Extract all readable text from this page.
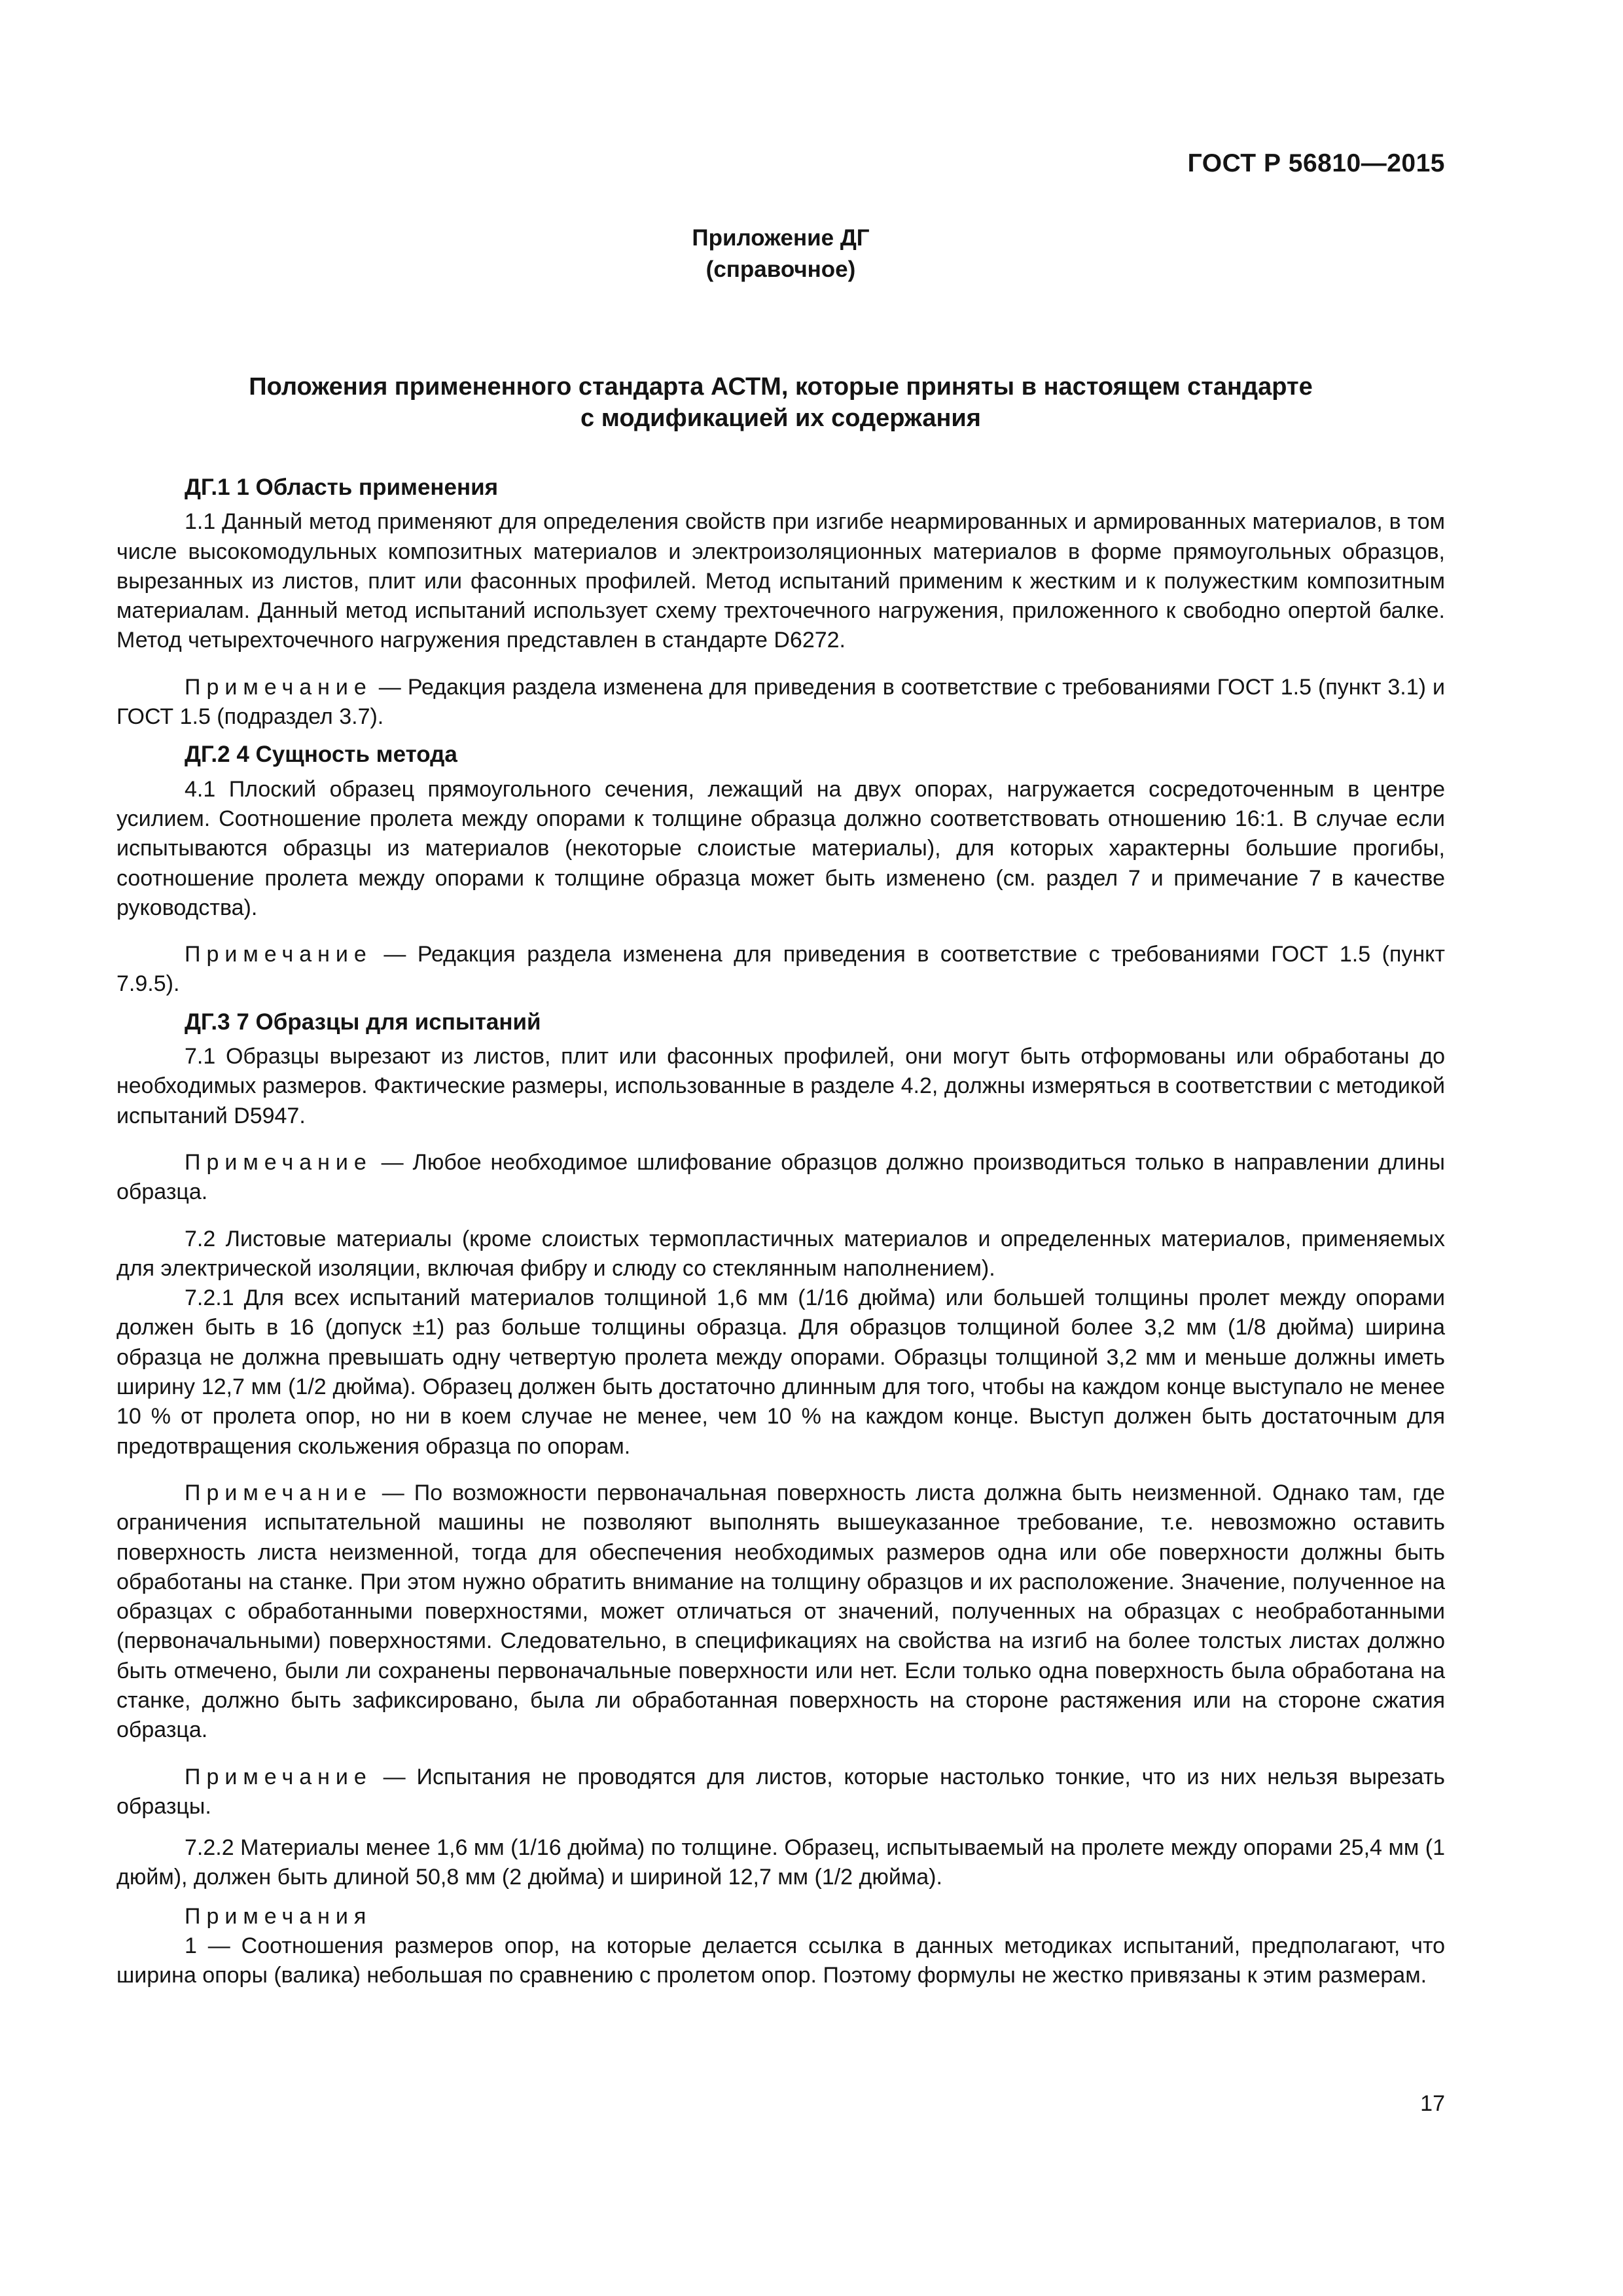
ГОСТ Р 56810—2015
Приложение ДГ
(справочное)
Положения примененного стандарта АСТМ, которые приняты в настоящем стандарте
с модификацией их содержания
ДГ.1 1 Область применения

1.1 Данный метод применяют для определения свойств при изгибе неармированных и армированных материалов, в том числе высокомодульных композитных материалов и электроизоляционных материалов в форме прямоугольных образцов, вырезанных из листов, плит или фасонных профилей. Метод испытаний применим к жестким и к полужестким композитным материалам. Данный метод испытаний использует схему трехточечного нагружения, приложенного к свободно опертой балке. Метод четырехточечного нагружения представлен в стандарте D6272.

Примечание — Редакция раздела изменена для приведения в соответствие с требованиями ГОСТ 1.5 (пункт 3.1) и ГОСТ 1.5 (подраздел 3.7).

ДГ.2 4 Сущность метода

4.1 Плоский образец прямоугольного сечения, лежащий на двух опорах, нагружается сосредоточенным в центре усилием. Соотношение пролета между опорами к толщине образца должно соответствовать отношению 16:1. В случае если испытываются образцы из материалов (некоторые слоистые материалы), для которых характерны большие прогибы, соотношение пролета между опорами к толщине образца может быть изменено (см. раздел 7 и примечание 7 в качестве руководства).

Примечание — Редакция раздела изменена для приведения в соответствие с требованиями ГОСТ 1.5 (пункт 7.9.5).

ДГ.3 7 Образцы для испытаний

7.1 Образцы вырезают из листов, плит или фасонных профилей, они могут быть отформованы или обработаны до необходимых размеров. Фактические размеры, использованные в разделе 4.2, должны измеряться в соответствии с методикой испытаний D5947.

Примечание — Любое необходимое шлифование образцов должно производиться только в направлении длины образца.

7.2 Листовые материалы (кроме слоистых термопластичных материалов и определенных материалов, применяемых для электрической изоляции, включая фибру и слюду со стеклянным наполнением).

7.2.1 Для всех испытаний материалов толщиной 1,6 мм (1/16 дюйма) или большей толщины пролет между опорами должен быть в 16 (допуск ±1) раз больше толщины образца. Для образцов толщиной более 3,2 мм (1/8 дюйма) ширина образца не должна превышать одну четвертую пролета между опорами. Образцы толщиной 3,2 мм и меньше должны иметь ширину 12,7 мм (1/2 дюйма). Образец должен быть достаточно длинным для того, чтобы на каждом конце выступало не менее 10 % от пролета опор, но ни в коем случае не менее, чем 10 % на каждом конце. Выступ должен быть достаточным для предотвращения скольжения образца по опорам.

Примечание — По возможности первоначальная поверхность листа должна быть неизменной. Однако там, где ограничения испытательной машины не позволяют выполнять вышеуказанное требование, т.е. невозможно оставить поверхность листа неизменной, тогда для обеспечения необходимых размеров одна или обе поверхности должны быть обработаны на станке. При этом нужно обратить внимание на толщину образцов и их расположение. Значение, полученное на образцах с обработанными поверхностями, может отличаться от значений, полученных на образцах с необработанными (первоначальными) поверхностями. Следовательно, в спецификациях на свойства на изгиб на более толстых листах должно быть отмечено, были ли сохранены первоначальные поверхности или нет. Если только одна поверхность была обработана на станке, должно быть зафиксировано, была ли обработанная поверхность на стороне растяжения или на стороне сжатия образца.

Примечание — Испытания не проводятся для листов, которые настолько тонкие, что из них нельзя вырезать образцы.

7.2.2 Материалы менее 1,6 мм (1/16 дюйма) по толщине. Образец, испытываемый на пролете между опорами 25,4 мм (1 дюйм), должен быть длиной 50,8 мм (2 дюйма) и шириной 12,7 мм (1/2 дюйма).

Примечания

1 — Соотношения размеров опор, на которые делается ссылка в данных методиках испытаний, предполагают, что ширина опоры (валика) небольшая по сравнению с пролетом опор. Поэтому формулы не жестко привязаны к этим размерам.

17
